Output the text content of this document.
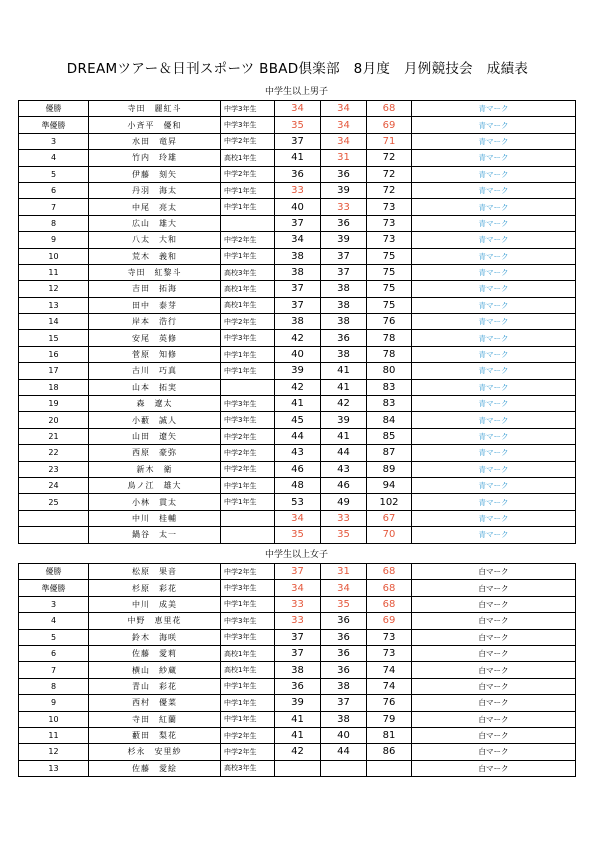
DREAMツアー＆日刊スポーツ BBAD倶楽部　8月度　月例競技会　成績表
中学生以上男子
優勝	寺田　麗紅斗	中学3年生	34	34	68	青マーク
準優勝	小斉平　優和	中学3年生	35	34	69	青マーク
3	水田　竜昇	中学2年生	37	34	71	青マーク
4	竹内　玲雄	高校1年生	41	31	72	青マーク
5	伊藤　刻矢	中学2年生	36	36	72	青マーク
6	丹羽　海太	中学1年生	33	39	72	青マーク
7	中尾　亮太	中学1年生	40	33	73	青マーク
8	広山　雄大		37	36	73	青マーク
9	八太　大和	中学2年生	34	39	73	青マーク
10	荒木　義和	中学1年生	38	37	75	青マーク
11	寺田　紅黎斗	高校3年生	38	37	75	青マーク
12	吉田　拓海	高校1年生	37	38	75	青マーク
13	田中　泰芽	高校1年生	37	38	75	青マーク
14	岸本　浩行	中学2年生	38	38	76	青マーク
15	安尾　英修	中学3年生	42	36	78	青マーク
16	菅原　知修	中学1年生	40	38	78	青マーク
17	古川　巧真	中学1年生	39	41	80	青マーク
18	山本　拓実		42	41	83	青マーク
19	森　遼太	中学3年生	41	42	83	青マーク
20	小藪　誠人	中学3年生	45	39	84	青マーク
21	山田　遼矢	中学2年生	44	41	85	青マーク
22	西原　豪弥	中学2年生	43	44	87	青マーク
23	新木　衛	中学2年生	46	43	89	青マーク
24	鳥ノ江　雄大	中学1年生	48	46	94	青マーク
25	小林　貫太	中学1年生	53	49	102	青マーク
	中川　桂輔		34	33	67	青マーク
	鍋谷　太一		35	35	70	青マーク
中学生以上女子
優勝	松原　果音	中学2年生	37	31	68	白マーク
準優勝	杉原　彩花	中学3年生	34	34	68	白マーク
3	中川　成美	中学1年生	33	35	68	白マーク
4	中野　恵里花	中学3年生	33	36	69	白マーク
5	鈴木　海咲	中学3年生	37	36	73	白マーク
6	佐藤　愛莉	高校1年生	37	36	73	白マーク
7	横山　紗蔵	高校1年生	38	36	74	白マーク
8	青山　彩花	中学1年生	36	38	74	白マーク
9	西村　優菜	中学1年生	39	37	76	白マーク
10	寺田　紅蘭	中学1年生	41	38	79	白マーク
11	藪田　梨花	中学2年生	41	40	81	白マーク
12	杉永　安里紗	中学2年生	42	44	86	白マーク
13	佐藤　愛絵	高校3年生				白マーク
